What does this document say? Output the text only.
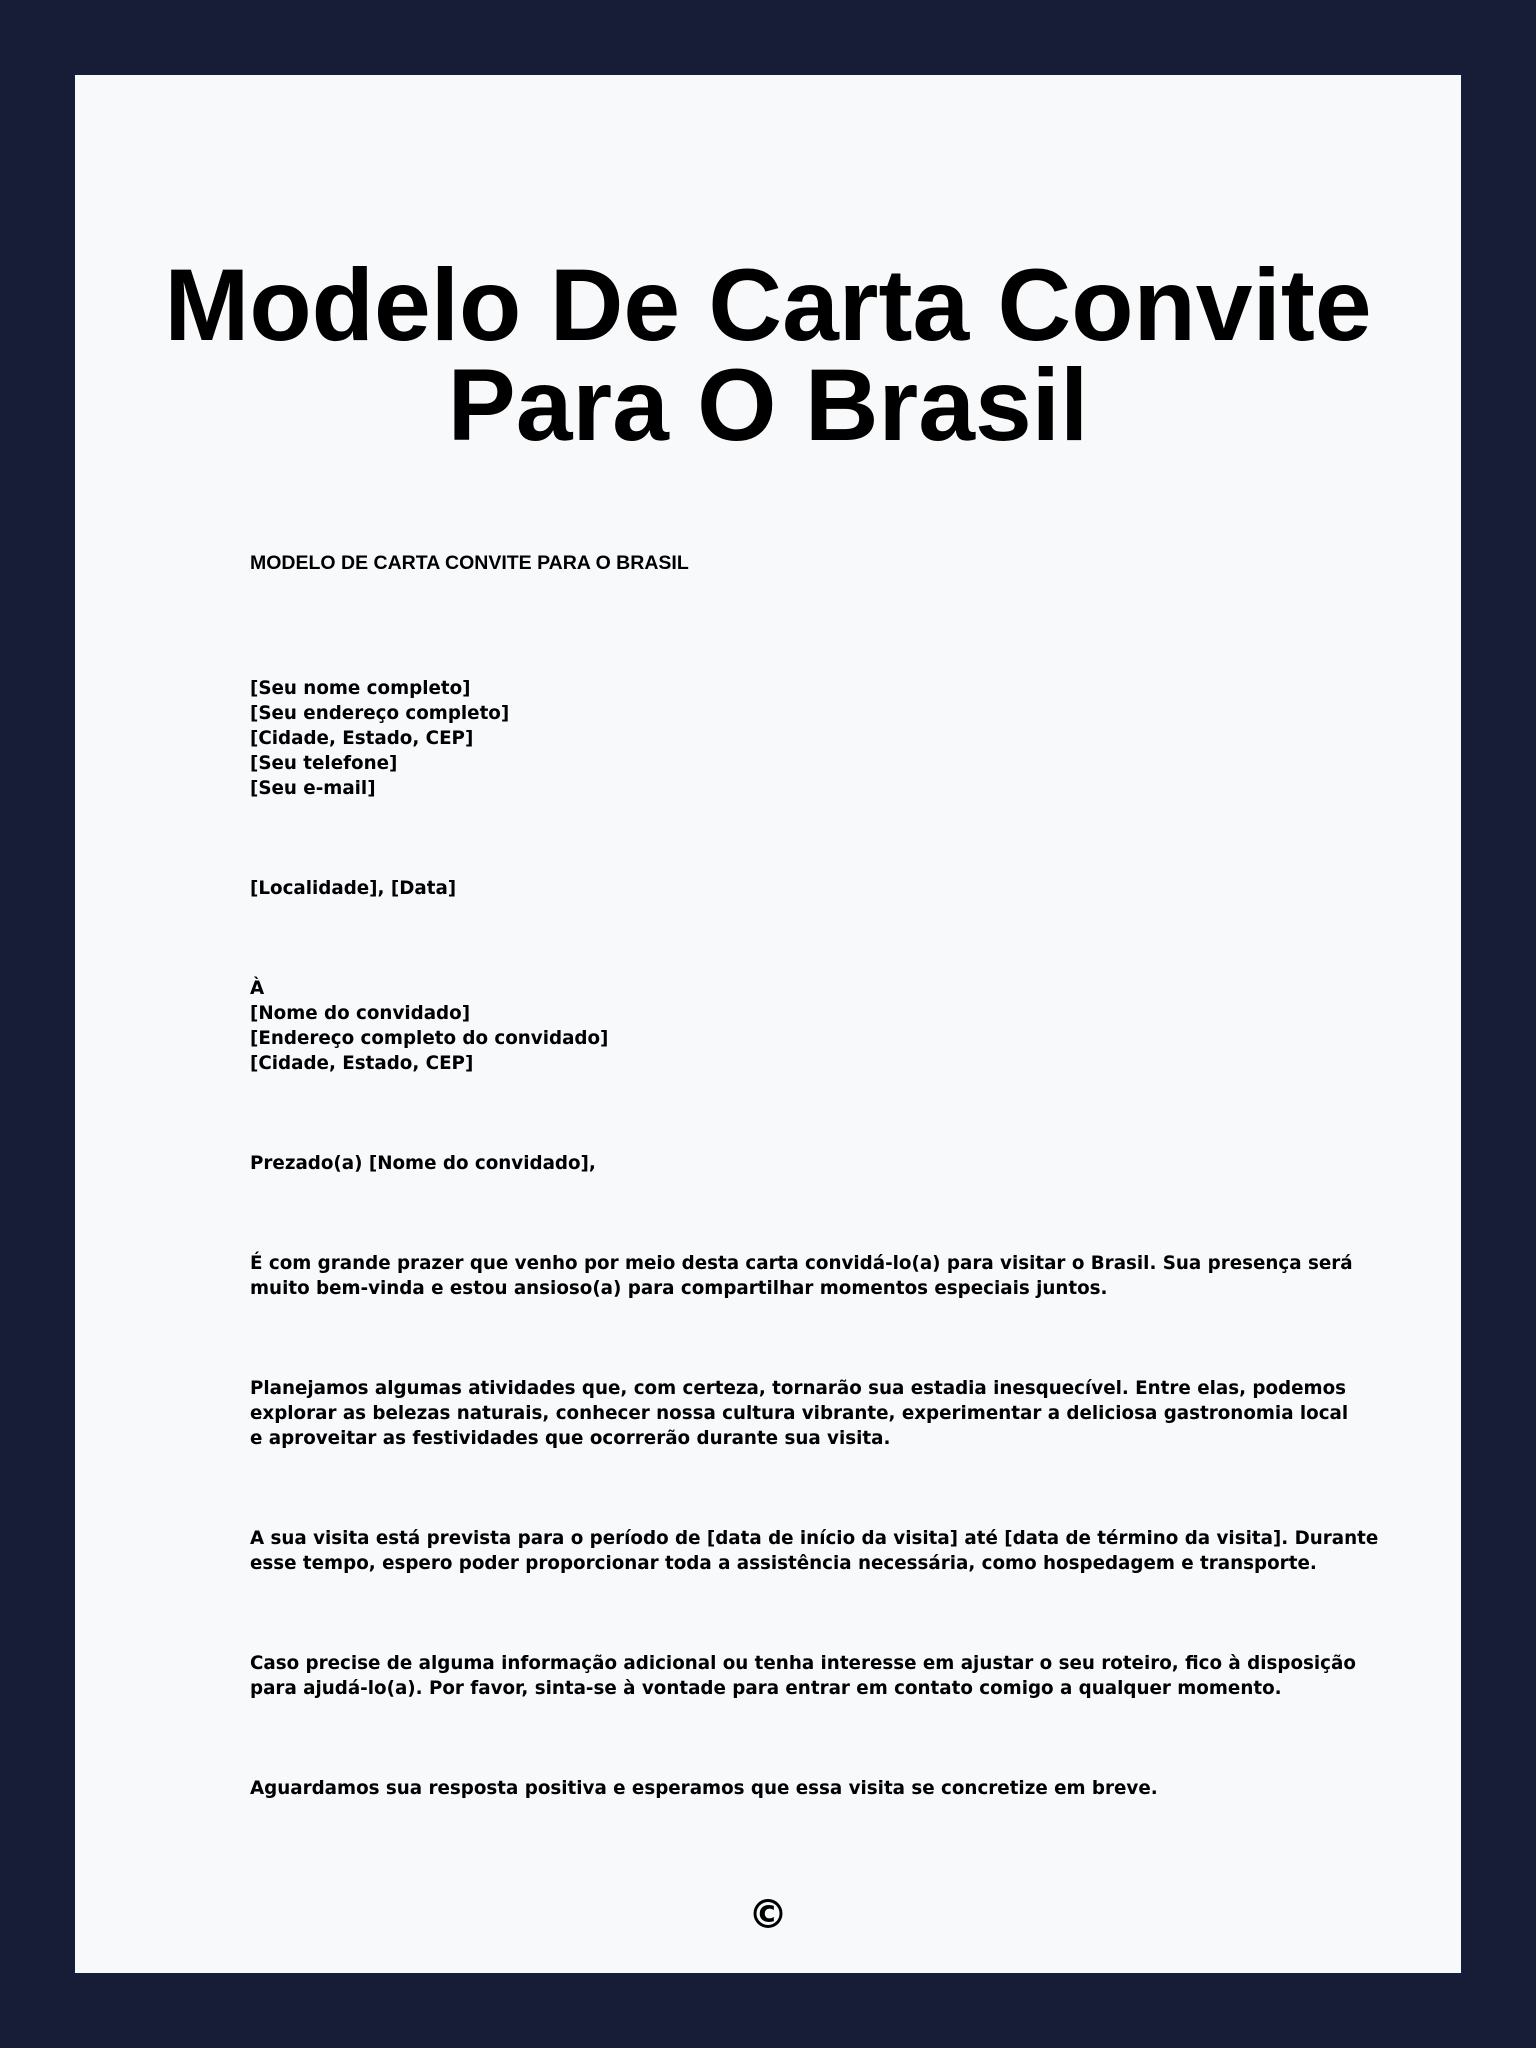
Modelo De Carta Convite
Para O Brasil

MODELO DE CARTA CONVITE PARA O BRASIL

[Seu nome completo]
[Seu endereço completo]
[Cidade, Estado, CEP]
[Seu telefone]
[Seu e-mail]

[Localidade], [Data]

À
[Nome do convidado]
[Endereço completo do convidado]
[Cidade, Estado, CEP]

Prezado(a) [Nome do convidado],

É com grande prazer que venho por meio desta carta convidá-lo(a) para visitar o Brasil. Sua presença será
muito bem-vinda e estou ansioso(a) para compartilhar momentos especiais juntos.

Planejamos algumas atividades que, com certeza, tornarão sua estadia inesquecível. Entre elas, podemos
explorar as belezas naturais, conhecer nossa cultura vibrante, experimentar a deliciosa gastronomia local
e aproveitar as festividades que ocorrerão durante sua visita.

A sua visita está prevista para o período de [data de início da visita] até [data de término da visita]. Durante
esse tempo, espero poder proporcionar toda a assistência necessária, como hospedagem e transporte.

Caso precise de alguma informação adicional ou tenha interesse em ajustar o seu roteiro, fico à disposição
para ajudá-lo(a). Por favor, sinta-se à vontade para entrar em contato comigo a qualquer momento.

Aguardamos sua resposta positiva e esperamos que essa visita se concretize em breve.

©
